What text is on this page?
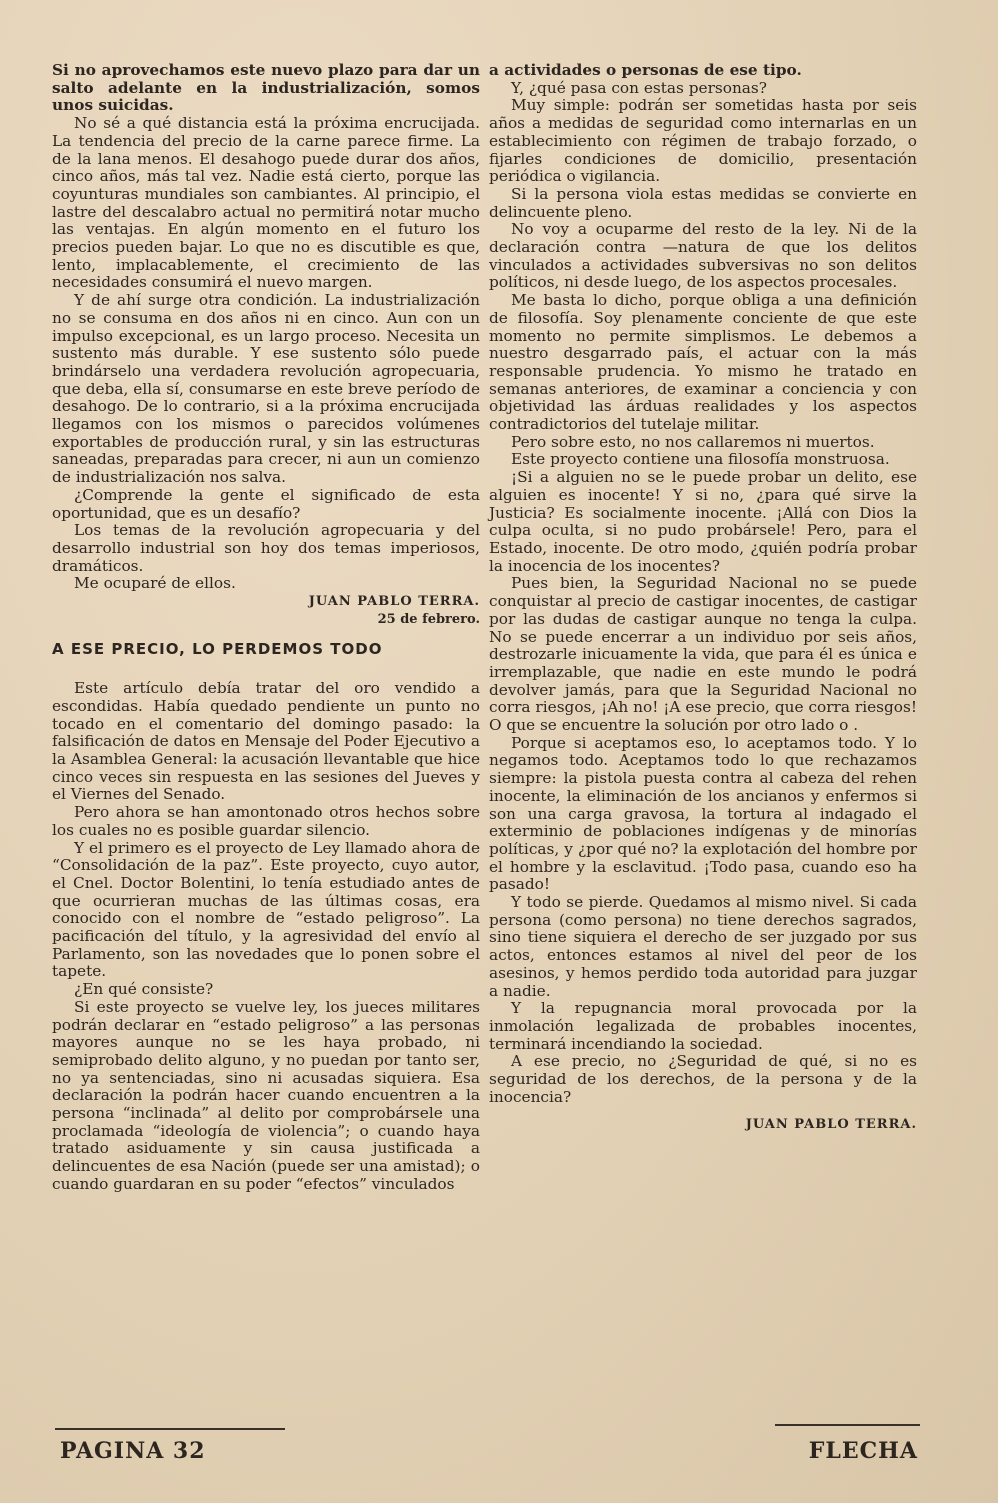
Si no aprovechamos este nuevo plazo para dar un salto adelante en la industrialización, somos unos suicidas.

No sé a qué distancia está la próxima encrucijada. La tendencia del precio de la carne parece firme. La de la lana menos. El desahogo puede durar dos años, cinco años, más tal vez. Nadie está cierto, porque las coyunturas mundiales son cambiantes. Al principio, el lastre del descalabro actual no permitirá notar mucho las ventajas. En algún momento en el futuro los precios pueden bajar. Lo que no es discutible es que, lento, implacablemente, el crecimiento de las necesidades consumirá el nuevo margen.

Y de ahí surge otra condición. La industrialización no se consuma en dos años ni en cinco. Aun con un impulso excepcional, es un largo proceso. Necesita un sustento más durable. Y ese sustento sólo puede brindárselo una verdadera revolución agropecuaria, que deba, ella sí, consumarse en este breve período de desahogo. De lo contrario, si a la próxima encrucijada llegamos con los mismos o parecidos volúmenes exportables de producción rural, y sin las estructuras saneadas, preparadas para crecer, ni aun un comienzo de industrialización nos salva.

¿Comprende la gente el significado de esta oportunidad, que es un desafío?

Los temas de la revolución agropecuaria y del desarrollo industrial son hoy dos temas imperiosos, dramáticos.

Me ocuparé de ellos.

JUAN PABLO TERRA.

25 de febrero.

A ESE PRECIO, LO PERDEMOS TODO

Este artículo debía tratar del oro vendido a escondidas. Había quedado pendiente un punto no tocado en el comentario del domingo pasado: la falsificación de datos en Mensaje del Poder Ejecutivo a la Asamblea General: la acusación llevantable que hice cinco veces sin respuesta en las sesiones del Jueves y el Viernes del Senado.

Pero ahora se han amontonado otros hechos sobre los cuales no es posible guardar silencio.

Y el primero es el proyecto de Ley llamado ahora de “Consolidación de la paz”. Este proyecto, cuyo autor, el Cnel. Doctor Bolentini, lo tenía estudiado antes de que ocurrieran muchas de las últimas cosas, era conocido con el nombre de “estado peligroso”. La pacificación del título, y la agresividad del envío al Parlamento, son las novedades que lo ponen sobre el tapete.

¿En qué consiste?

Si este proyecto se vuelve ley, los jueces militares podrán declarar en “estado peligroso” a las personas mayores aunque no se les haya probado, ni semiprobado delito alguno, y no puedan por tanto ser, no ya sentenciadas, sino ni acusadas siquiera. Esa declaración la podrán hacer cuando encuentren a la persona “inclinada” al delito por comprobársele una proclamada “ideología de violencia”; o cuando haya tratado asiduamente y sin causa justificada a delincuentes de esa Nación (puede ser una amistad); o cuando guardaran en su poder “efectos” vinculados

a actividades o personas de ese tipo.

Y, ¿qué pasa con estas personas?

Muy simple: podrán ser sometidas hasta por seis años a medidas de seguridad como internarlas en un establecimiento con régimen de trabajo forzado, o fijarles condiciones de domicilio, presentación periódica o vigilancia.

Si la persona viola estas medidas se convierte en delincuente pleno.

No voy a ocuparme del resto de la ley. Ni de la declaración contra —natura de que los delitos vinculados a actividades subversivas no son delitos políticos, ni desde luego, de los aspectos procesales.

Me basta lo dicho, porque obliga a una definición de filosofía. Soy plenamente conciente de que este momento no permite simplismos. Le debemos a nuestro desgarrado país, el actuar con la más responsable prudencia. Yo mismo he tratado en semanas anteriores, de examinar a conciencia y con objetividad las árduas realidades y los aspectos contradictorios del tutelaje militar.

Pero sobre esto, no nos callaremos ni muertos.

Este proyecto contiene una filosofía monstruosa.

¡Si a alguien no se le puede probar un delito, ese alguien es inocente! Y si no, ¿para qué sirve la Justicia? Es socialmente inocente. ¡Allá con Dios la culpa oculta, si no pudo probársele! Pero, para el Estado, inocente. De otro modo, ¿quién podría probar la inocencia de los inocentes?

Pues bien, la Seguridad Nacional no se puede conquistar al precio de castigar inocentes, de castigar por las dudas de castigar aunque no tenga la culpa. No se puede encerrar a un individuo por seis años, destrozarle inicuamente la vida, que para él es única e irremplazable, que nadie en este mundo le podrá devolver jamás, para que la Seguridad Nacional no corra riesgos, ¡Ah no! ¡A ese precio, que corra riesgos! O que se encuentre la solución por otro lado o .

Porque si aceptamos eso, lo aceptamos todo. Y lo negamos todo. Aceptamos todo lo que rechazamos siempre: la pistola puesta contra al cabeza del rehen inocente, la eliminación de los ancianos y enfermos si son una carga gravosa, la tortura al indagado el exterminio de poblaciones indígenas y de minorías políticas, y ¿por qué no? la explotación del hombre por el hombre y la esclavitud. ¡Todo pasa, cuando eso ha pasado!

Y todo se pierde. Quedamos al mismo nivel. Si cada persona (como persona) no tiene derechos sagrados, sino tiene siquiera el derecho de ser juzgado por sus actos, entonces estamos al nivel del peor de los asesinos, y hemos perdido toda autoridad para juzgar a nadie.

Y la repugnancia moral provocada por la inmolación legalizada de probables inocentes, terminará incendiando la sociedad.

A ese precio, no ¿Seguridad de qué, si no es seguridad de los derechos, de la persona y de la inocencia?

JUAN PABLO TERRA.

PAGINA 32	FLECHA
